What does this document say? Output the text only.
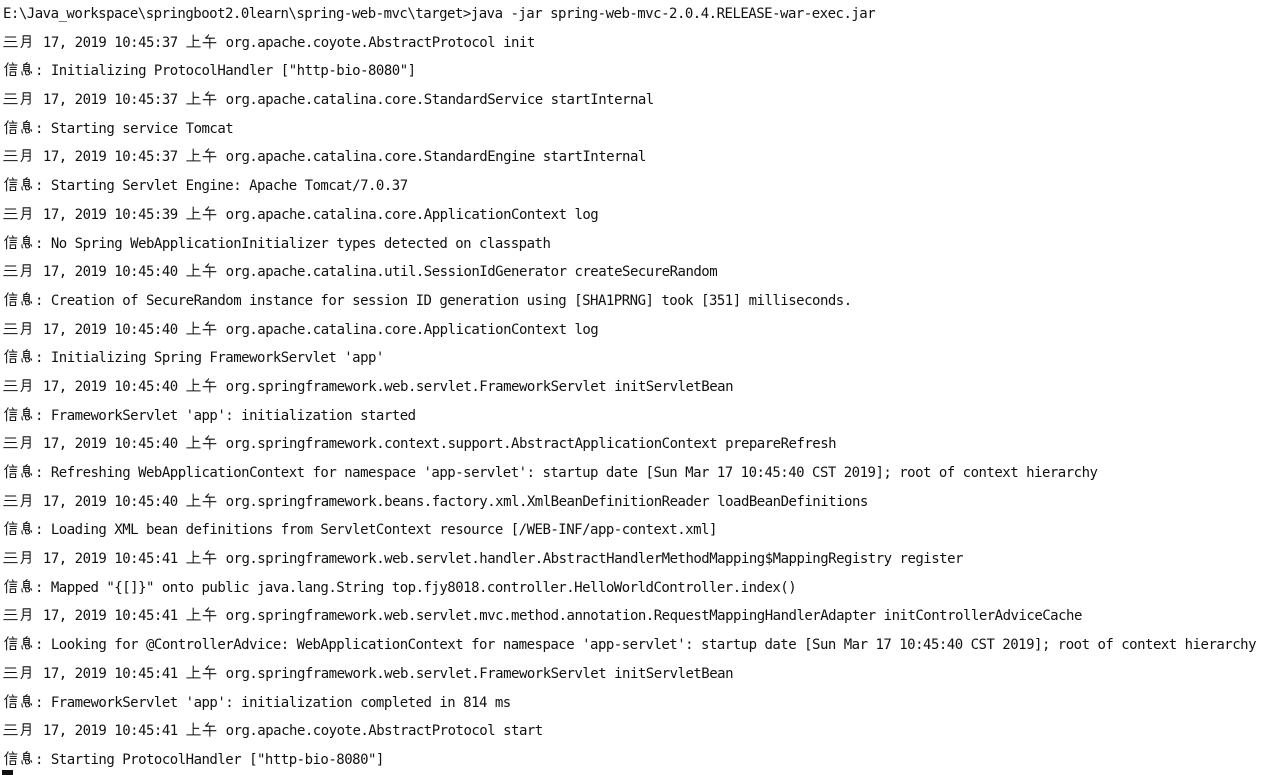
E:\Java_workspace\springboot2.0learn\spring-web-mvc\target>java -jar spring-web-mvc-2.0.4.RELEASE-war-exec.jar
17, 2019 10:45:37  org.apache.coyote.AbstractProtocol init
: Initializing ProtocolHandler ["http-bio-8080"]
17, 2019 10:45:37  org.apache.catalina.core.StandardService startInternal
: Starting service Tomcat
17, 2019 10:45:37  org.apache.catalina.core.StandardEngine startInternal
: Starting Servlet Engine: Apache Tomcat/7.0.37
17, 2019 10:45:39  org.apache.catalina.core.ApplicationContext log
: No Spring WebApplicationInitializer types detected on classpath
17, 2019 10:45:40  org.apache.catalina.util.SessionIdGenerator createSecureRandom
: Creation of SecureRandom instance for session ID generation using [SHA1PRNG] took [351] milliseconds.
17, 2019 10:45:40  org.apache.catalina.core.ApplicationContext log
: Initializing Spring FrameworkServlet 'app'
17, 2019 10:45:40  org.springframework.web.servlet.FrameworkServlet initServletBean
: FrameworkServlet 'app': initialization started
17, 2019 10:45:40  org.springframework.context.support.AbstractApplicationContext prepareRefresh
: Refreshing WebApplicationContext for namespace 'app-servlet': startup date [Sun Mar 17 10:45:40 CST 2019]; root of context hierarchy
17, 2019 10:45:40  org.springframework.beans.factory.xml.XmlBeanDefinitionReader loadBeanDefinitions
: Loading XML bean definitions from ServletContext resource [/WEB-INF/app-context.xml]
17, 2019 10:45:41  org.springframework.web.servlet.handler.AbstractHandlerMethodMapping$MappingRegistry register
: Mapped "{[]}" onto public java.lang.String top.fjy8018.controller.HelloWorldController.index()
17, 2019 10:45:41  org.springframework.web.servlet.mvc.method.annotation.RequestMappingHandlerAdapter initControllerAdviceCache
: Looking for @ControllerAdvice: WebApplicationContext for namespace 'app-servlet': startup date [Sun Mar 17 10:45:40 CST 2019]; root of context hierarchy
17, 2019 10:45:41  org.springframework.web.servlet.FrameworkServlet initServletBean
: FrameworkServlet 'app': initialization completed in 814 ms
17, 2019 10:45:41  org.apache.coyote.AbstractProtocol start
: Starting ProtocolHandler ["http-bio-8080"]
